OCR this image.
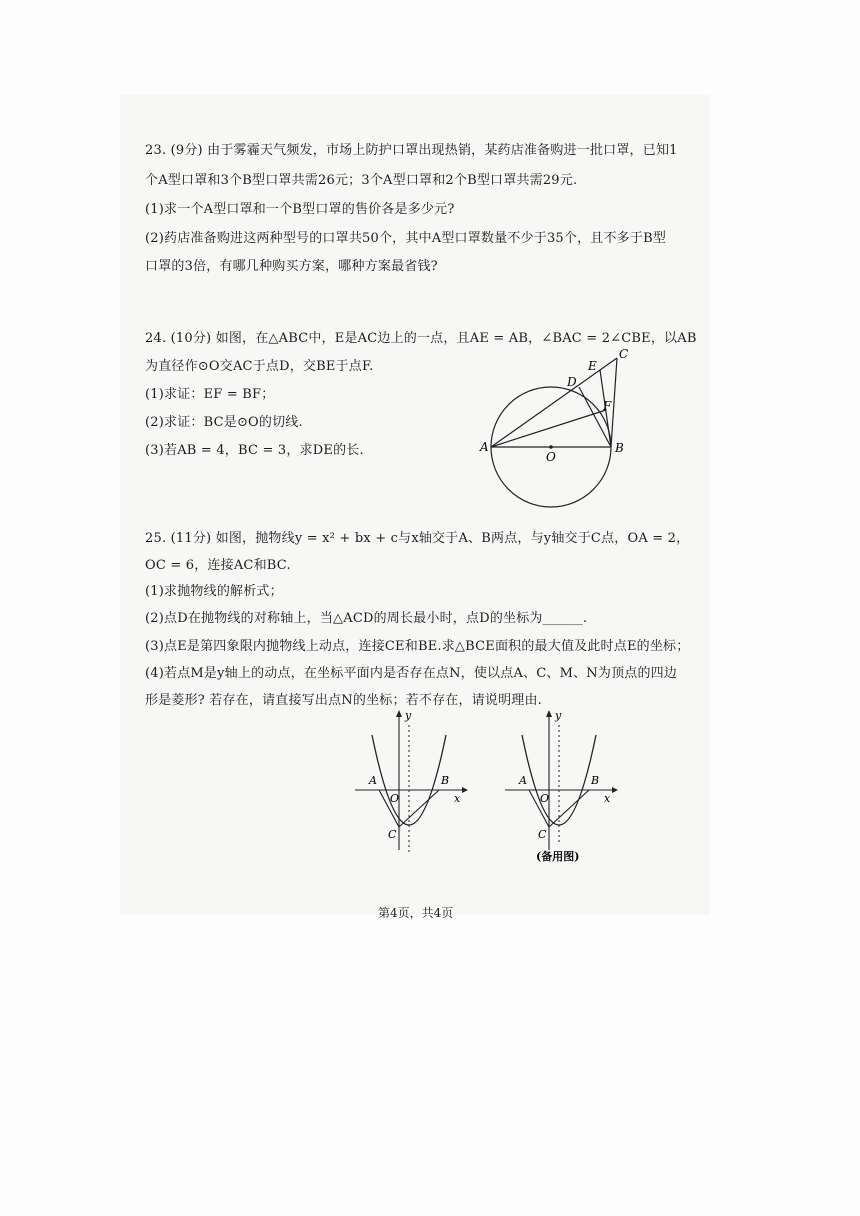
23. (9分) 由于雾霾天气频发，市场上防护口罩出现热销，某药店准备购进一批口罩，已知1
个A型口罩和3个B型口罩共需26元；3个A型口罩和2个B型口罩共需29元.
(1)求一个A型口罩和一个B型口罩的售价各是多少元?
(2)药店准备购进这两种型号的口罩共50个，其中A型口罩数量不少于35个，且不多于B型
口罩的3倍，有哪几种购买方案，哪种方案最省钱?
24. (10分) 如图，在△ABC中，E是AC边上的一点，且AE = AB，∠BAC = 2∠CBE，以AB
为直径作⊙O交AC于点D，交BE于点F.
(1)求证：EF = BF；
(2)求证：BC是⊙O的切线.
(3)若AB = 4，BC = 3，求DE的长.	A	B
C
D
E
F
O
25. (11分) 如图，抛物线y = x² + bx + c与x轴交于A、B两点，与y轴交于C点，OA = 2，
OC = 6，连接AC和BC.
(1)求抛物线的解析式；
(2)点D在抛物线的对称轴上，当△ACD的周长最小时，点D的坐标为______.
(3)点E是第四象限内抛物线上动点，连接CE和BE.求△BCE面积的最大值及此时点E的坐标；
(4)若点M是y轴上的动点，在坐标平面内是否存在点N，使以点A、C、M、N为顶点的四边
形是菱形? 若存在，请直接写出点N的坐标；若不存在，请说明理由.
A	B
C
O	x
y
A	B
C
O	x
y
(备用图)
第4页，共4页
